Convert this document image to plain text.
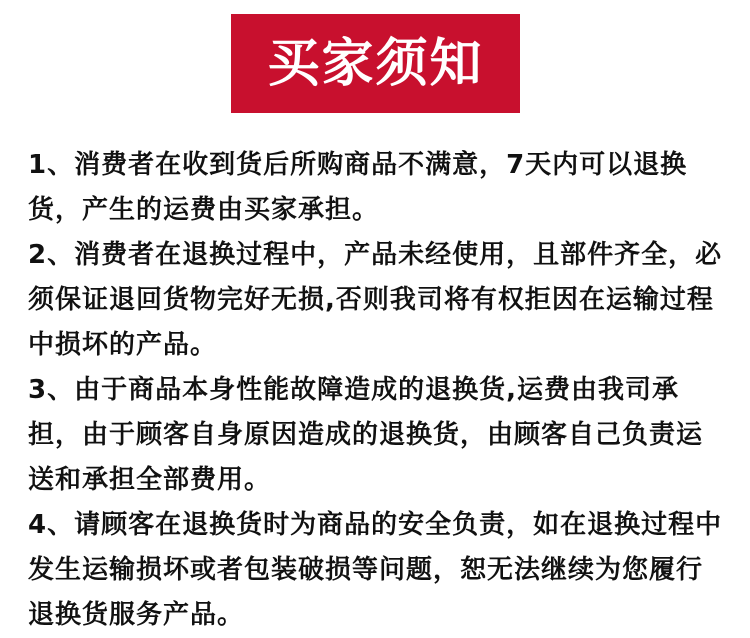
买家须知
1、消费者在收到货后所购商品不满意，7天内可以退换货，产生的运费由买家承担。
2、消费者在退换过程中，产品未经使用，且部件齐全，必须保证退回货物完好无损,否则我司将有权拒因在运输过程中损坏的产品。
3、由于商品本身性能故障造成的退换货,运费由我司承担，由于顾客自身原因造成的退换货，由顾客自己负责运送和承担全部费用。
4、请顾客在退换货时为商品的安全负责，如在退换过程中发生运输损坏或者包装破损等问题，恕无法继续为您履行退换货服务产品。
